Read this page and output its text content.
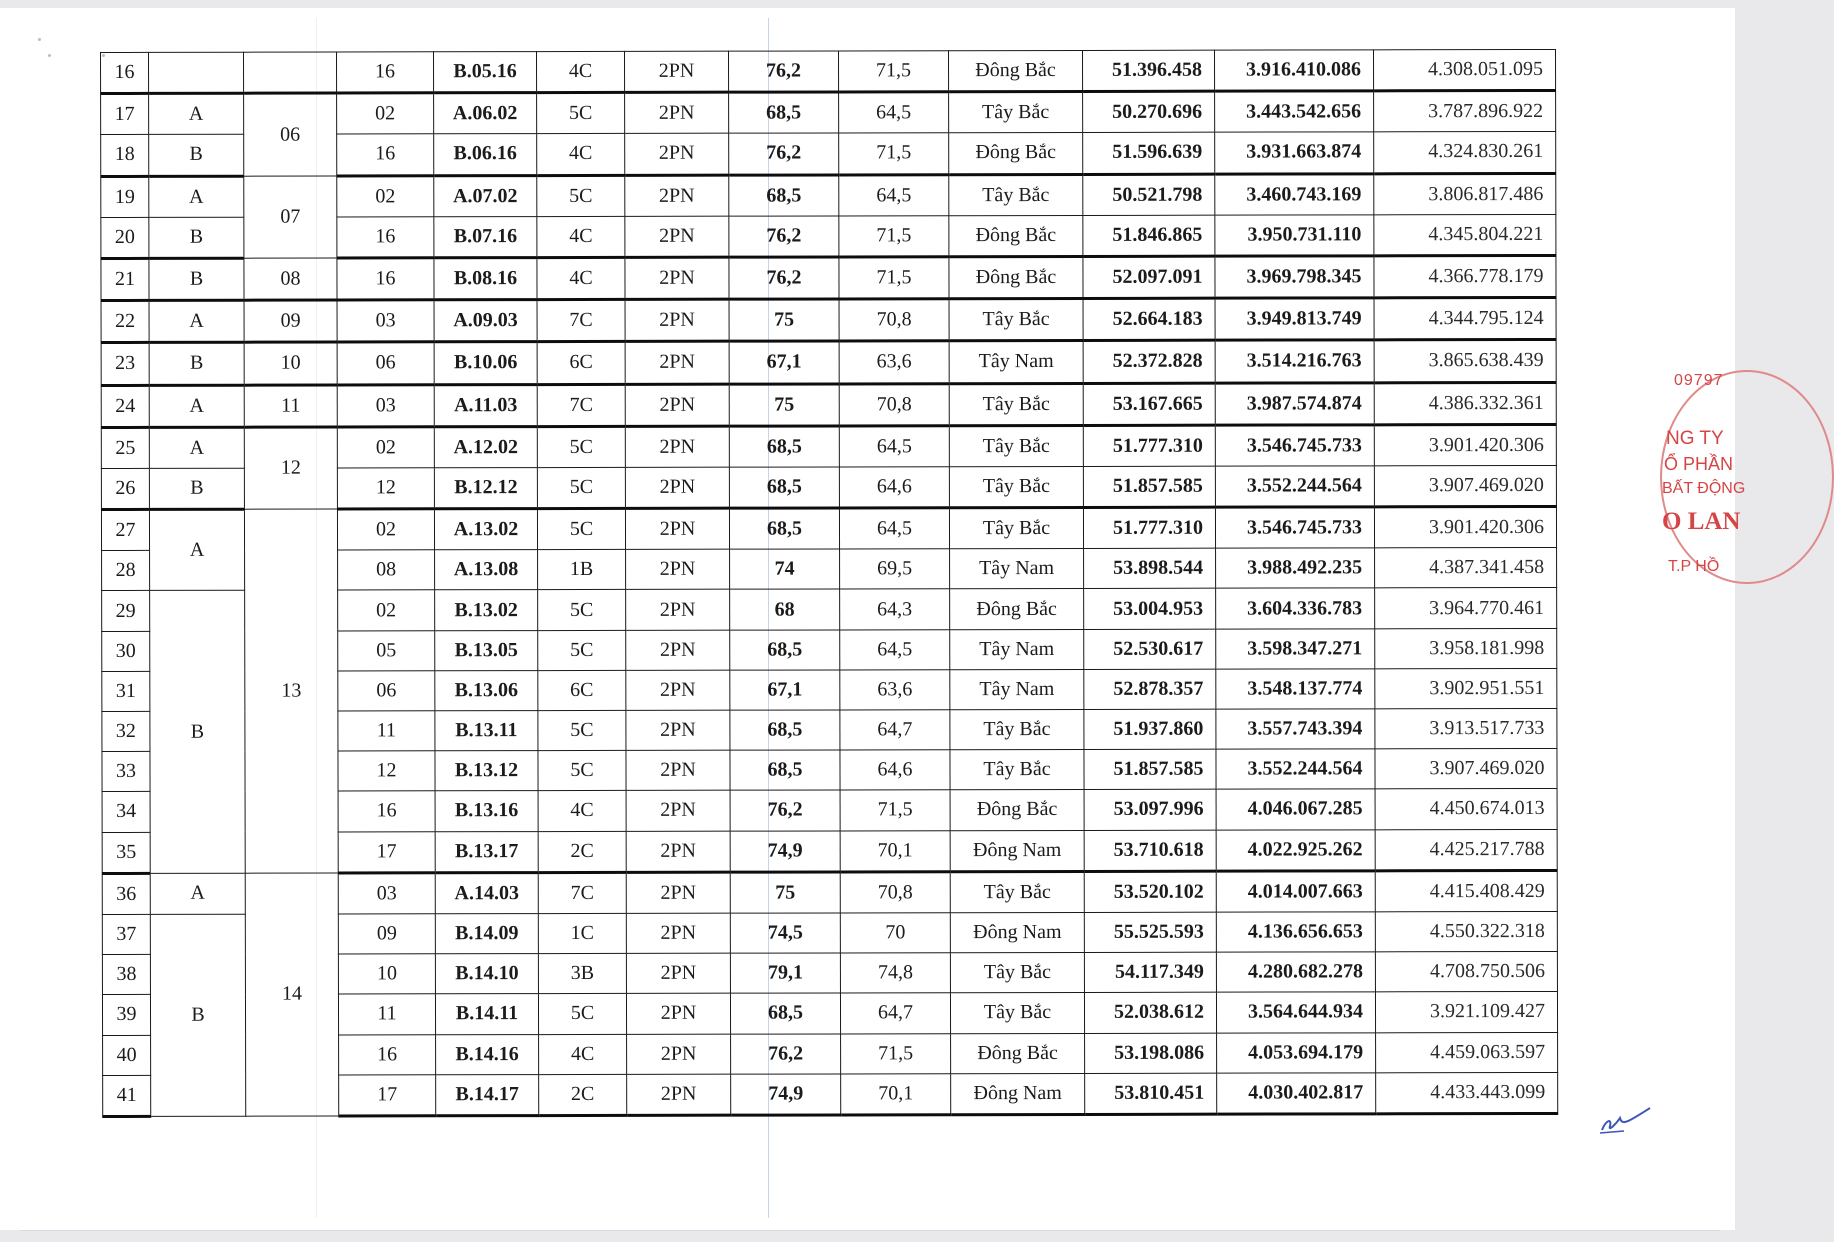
16			16	B.05.16	4C	2PN	76,2	71,5	Đông Bắc	51.396.458	3.916.410.086	4.308.051.095
17	A	06	02	A.06.02	5C	2PN	68,5	64,5	Tây Bắc	50.270.696	3.443.542.656	3.787.896.922
18	B		16	B.06.16	4C	2PN	76,2	71,5	Đông Bắc	51.596.639	3.931.663.874	4.324.830.261
19	A	07	02	A.07.02	5C	2PN	68,5	64,5	Tây Bắc	50.521.798	3.460.743.169	3.806.817.486
20	B		16	B.07.16	4C	2PN	76,2	71,5	Đông Bắc	51.846.865	3.950.731.110	4.345.804.221
21	B	08	16	B.08.16	4C	2PN	76,2	71,5	Đông Bắc	52.097.091	3.969.798.345	4.366.778.179
22	A	09	03	A.09.03	7C	2PN	75	70,8	Tây Bắc	52.664.183	3.949.813.749	4.344.795.124
23	B	10	06	B.10.06	6C	2PN	67,1	63,6	Tây Nam	52.372.828	3.514.216.763	3.865.638.439
24	A	11	03	A.11.03	7C	2PN	75	70,8	Tây Bắc	53.167.665	3.987.574.874	4.386.332.361
25	A	12	02	A.12.02	5C	2PN	68,5	64,5	Tây Bắc	51.777.310	3.546.745.733	3.901.420.306
26	B		12	B.12.12	5C	2PN	68,5	64,6	Tây Bắc	51.857.585	3.552.244.564	3.907.469.020
27	A	13	02	A.13.02	5C	2PN	68,5	64,5	Tây Bắc	51.777.310	3.546.745.733	3.901.420.306
28			08	A.13.08	1B	2PN	74	69,5	Tây Nam	53.898.544	3.988.492.235	4.387.341.458
29	B		02	B.13.02	5C	2PN	68	64,3	Đông Bắc	53.004.953	3.604.336.783	3.964.770.461
30			05	B.13.05	5C	2PN	68,5	64,5	Tây Nam	52.530.617	3.598.347.271	3.958.181.998
31			06	B.13.06	6C	2PN	67,1	63,6	Tây Nam	52.878.357	3.548.137.774	3.902.951.551
32			11	B.13.11	5C	2PN	68,5	64,7	Tây Bắc	51.937.860	3.557.743.394	3.913.517.733
33			12	B.13.12	5C	2PN	68,5	64,6	Tây Bắc	51.857.585	3.552.244.564	3.907.469.020
34			16	B.13.16	4C	2PN	76,2	71,5	Đông Bắc	53.097.996	4.046.067.285	4.450.674.013
35			17	B.13.17	2C	2PN	74,9	70,1	Đông Nam	53.710.618	4.022.925.262	4.425.217.788
36	A	14	03	A.14.03	7C	2PN	75	70,8	Tây Bắc	53.520.102	4.014.007.663	4.415.408.429
37	B		09	B.14.09	1C	2PN	74,5	70	Đông Nam	55.525.593	4.136.656.653	4.550.322.318
38			10	B.14.10	3B	2PN	79,1	74,8	Tây Bắc	54.117.349	4.280.682.278	4.708.750.506
39			11	B.14.11	5C	2PN	68,5	64,7	Tây Bắc	52.038.612	3.564.644.934	3.921.109.427
40			16	B.14.16	4C	2PN	76,2	71,5	Đông Bắc	53.198.086	4.053.694.179	4.459.063.597
41			17	B.14.17	2C	2PN	74,9	70,1	Đông Nam	53.810.451	4.030.402.817	4.433.443.099
09797
NG TY
Ổ PHẦN
BẤT ĐỘNG
O LAN
T.P HỒ
